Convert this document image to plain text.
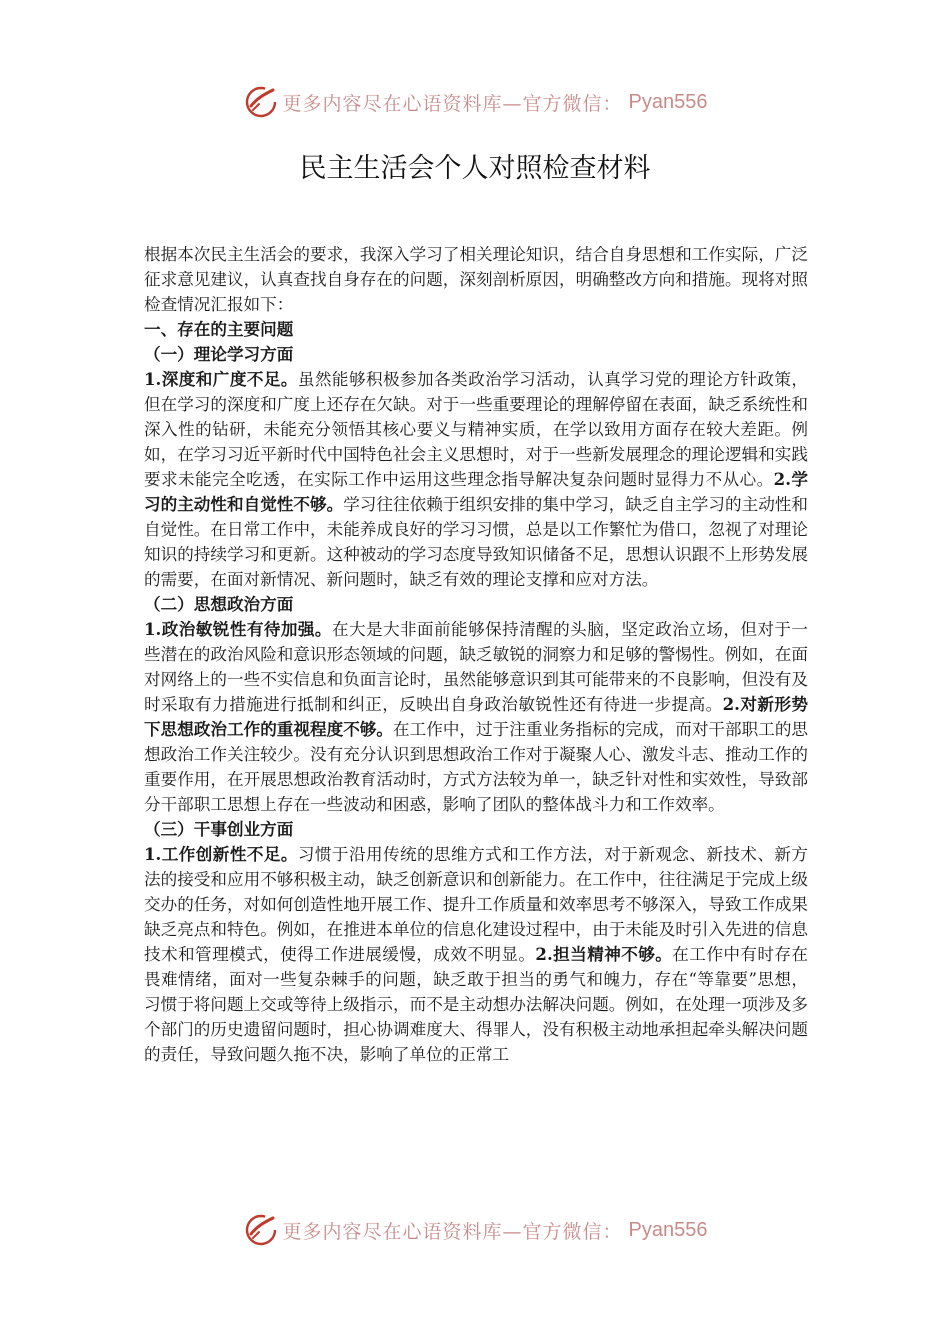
更多内容尽在心语资料库—官方微信： Pyan556
民主生活会个人对照检查材料

根据本次民主生活会的要求，我深入学习了相关理论知识，结合自身思想和工作实际，广泛征求意见建议，认真查找自身存在的问题，深刻剖析原因，明确整改方向和措施。现将对照检查情况汇报如下：

一、存在的主要问题

（一）理论学习方面

1.深度和广度不足。虽然能够积极参加各类政治学习活动，认真学习党的理论方针政策，但在学习的深度和广度上还存在欠缺。对于一些重要理论的理解停留在表面，缺乏系统性和深入性的钻研，未能充分领悟其核心要义与精神实质，在学以致用方面存在较大差距。例如，在学习习近平新时代中国特色社会主义思想时，对于一些新发展理念的理论逻辑和实践要求未能完全吃透，在实际工作中运用这些理念指导解决复杂问题时显得力不从心。2.学习的主动性和自觉性不够。学习往往依赖于组织安排的集中学习，缺乏自主学习的主动性和自觉性。在日常工作中，未能养成良好的学习习惯，总是以工作繁忙为借口，忽视了对理论知识的持续学习和更新。这种被动的学习态度导致知识储备不足，思想认识跟不上形势发展的需要，在面对新情况、新问题时，缺乏有效的理论支撑和应对方法。

（二）思想政治方面

1.政治敏锐性有待加强。在大是大非面前能够保持清醒的头脑，坚定政治立场，但对于一些潜在的政治风险和意识形态领域的问题，缺乏敏锐的洞察力和足够的警惕性。例如，在面对网络上的一些不实信息和负面言论时，虽然能够意识到其可能带来的不良影响，但没有及时采取有力措施进行抵制和纠正，反映出自身政治敏锐性还有待进一步提高。2.对新形势下思想政治工作的重视程度不够。在工作中，过于注重业务指标的完成，而对干部职工的思想政治工作关注较少。没有充分认识到思想政治工作对于凝聚人心、激发斗志、推动工作的重要作用，在开展思想政治教育活动时，方式方法较为单一，缺乏针对性和实效性，导致部分干部职工思想上存在一些波动和困惑，影响了团队的整体战斗力和工作效率。

（三）干事创业方面

1.工作创新性不足。习惯于沿用传统的思维方式和工作方法，对于新观念、新技术、新方法的接受和应用不够积极主动，缺乏创新意识和创新能力。在工作中，往往满足于完成上级交办的任务，对如何创造性地开展工作、提升工作质量和效率思考不够深入，导致工作成果缺乏亮点和特色。例如，在推进本单位的信息化建设过程中，由于未能及时引入先进的信息技术和管理模式，使得工作进展缓慢，成效不明显。2.担当精神不够。在工作中有时存在畏难情绪，面对一些复杂棘手的问题，缺乏敢于担当的勇气和魄力，存在“等靠要”思想，习惯于将问题上交或等待上级指示，而不是主动想办法解决问题。例如，在处理一项涉及多个部门的历史遗留问题时，担心协调难度大、得罪人，没有积极主动地承担起牵头解决问题的责任，导致问题久拖不决，影响了单位的正常工

更多内容尽在心语资料库—官方微信： Pyan556
